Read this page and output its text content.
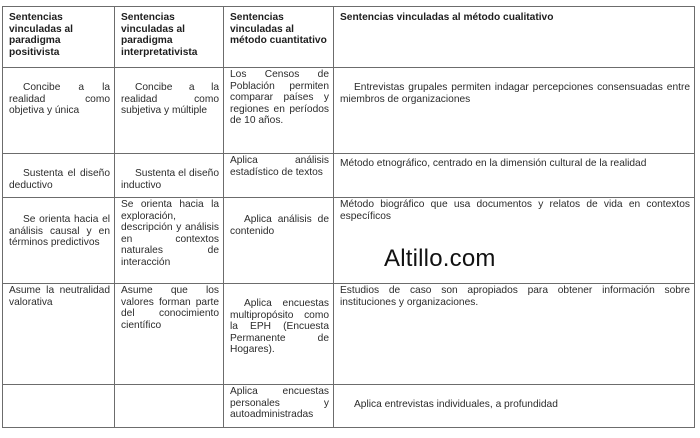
Sentencias vinculadas al paradigma positivista	Sentencias vinculadas al paradigma interpretativista	Sentencias vinculadas al método cuantitativo	Sentencias vinculadas al método cualitativo
Concibe a la realidad como objetiva y única	Concibe a la realidad como subjetiva y múltiple	Los Censos de Población permiten comparar países y regiones en períodos de 10 años.	Entrevistas grupales permiten indagar percepciones consensuadas entre miembros de organizaciones
Sustenta el diseño deductivo	Sustenta el diseño inductivo	Aplica análisis estadístico de textos	Método etnográfico, centrado en la dimensión cultural de la realidad
Se orienta hacia el análisis causal y en términos predictivos	Se orienta hacia la exploración, descripción y análisis en contextos naturales de interacción	Aplica análisis de contenido	Método biográfico que usa documentos y relatos de vida en contextos específicos
Asume la neutralidad valorativa	Asume que los valores forman parte del conocimiento científico	Aplica encuestas multipropósito como la EPH (Encuesta Permanente de Hogares).	Estudios de caso son apropiados para obtener información sobre instituciones y organizaciones.
		Aplica encuestas personales y autoadministradas	Aplica entrevistas individuales, a profundidad
Altillo.com
